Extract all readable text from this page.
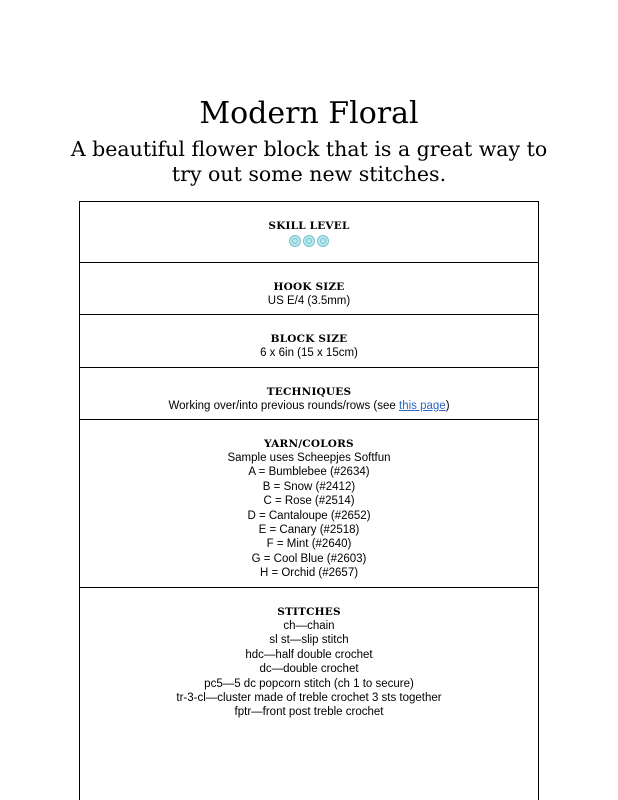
Modern Floral
A beautiful flower block that is a great way to try out some new stitches.
SKILL LEVEL
HOOK SIZE
US E/4 (3.5mm)
BLOCK SIZE
6 x 6in (15 x 15cm)
TECHNIQUES
Working over/into previous rounds/rows (see this page)
YARN/COLORS
Sample uses Scheepjes Softfun
A = Bumblebee (#2634)
B = Snow (#2412)
C = Rose (#2514)
D = Cantaloupe (#2652)
E = Canary (#2518)
F = Mint (#2640)
G = Cool Blue (#2603)
H = Orchid (#2657)
STITCHES
ch—chain
sl st—slip stitch
hdc—half double crochet
dc—double crochet
pc5—5 dc popcorn stitch (ch 1 to secure)
tr-3-cl—cluster made of treble crochet 3 sts together
fptr—front post treble crochet
